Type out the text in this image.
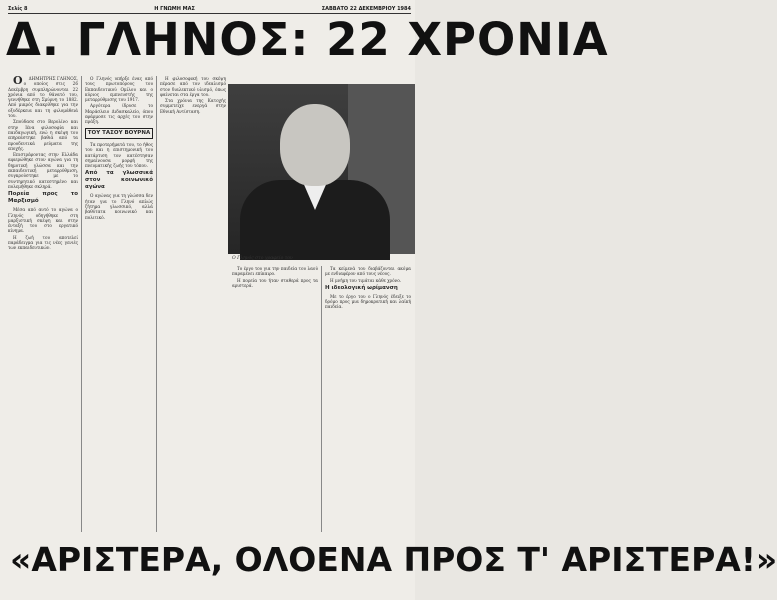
Σελίς 8	Η ΓΝΩΜΗ ΜΑΣ	ΣΑΒΒΑΤΟ 22 ΔΕΚΕΜΒΡΙΟΥ 1984
Δ. ΓΛΗΝΟΣ: 22 ΧΡΟΝΙΑ

ΟΔΗΜΗΤΡΗΣ ΓΛΗΝΟΣ, ο οποίος στις 26 Δεκέμβρη συμπληρώνονται 22 χρόνια από το θάνατό του, γεννήθηκε στη Σμύρνη το 1882. Από μικρός διακρίθηκε για την οξυδέρκεια και τη φιλομάθειά του.

Σπούδασε στο Βερολίνο και στην Ιένα φιλοσοφία και παιδαγωγική, ενώ η σκέψη του επηρεάστηκε βαθιά από τα προοδευτικά ρεύματα της εποχής.

Επιστρέφοντας στην Ελλάδα αφιερώθηκε στον αγώνα για τη δημοτική γλώσσα και την εκπαιδευτική μεταρρύθμιση, συγκρούστηκε με το συντηρητικό κατεστημένο και πολεμήθηκε σκληρά.

Πορεία προς το Μαρξισμό

Μέσα από αυτό το αγώνα ο Γληνός οδηγήθηκε στη μαρξιστική σκέψη και στην ένταξή του στο εργατικό κίνημα.

Η ζωή του αποτελεί παράδειγμα για τις νέες γενιές των εκπαιδευτικών.

Ο Γληνός υπήρξε ένας από τους πρωτοπόρους του Εκπαιδευτικού Ομίλου και ο κύριος εμπνευστής της μεταρρύθμισης του 1917.

Αργότερα ίδρυσε το Μαράσλειο Διδασκαλείο, όπου εφάρμοσε τις αρχές του στην πράξη.

ΤΟΥ ΤΑΣΟΥ ΒΟΥΡΝΑ

Τα προτερήματά του, το ήθος του και η επιστημονική του κατάρτιση τον κατέστησαν σημαίνουσα μορφή της πνευματικής ζωής του τόπου.

Από τα γλωσσικά στον κοινωνικό αγώνα

Ο αγώνας για τη γλώσσα δεν ήταν για το Γληνό απλώς ζήτημα γλωσσικό, αλλά βαθύτατα κοινωνικό και πολιτικό.

Η φιλοσοφική του σκέψη πέρασε από τον ιδεαλισμό στον διαλεκτικό υλισμό, όπως φαίνεται στα έργα του.

Στα χρόνια της Κατοχής συμμετείχε ενεργά στην Εθνική Αντίσταση.

Ο Γληνός στο γραφείο του

Το έργο του για την παιδεία του λαού παραμένει επίκαιρο.

Η πορεία του ήταν σταθερά προς τα αριστερά.

Τα κείμενά του διαβάζονται ακόμα με ενδιαφέρον από τους νέους.

Η μνήμη του τιμάται κάθε χρόνο.

Η ιδεολογική ωρίμανση

Με το έργο του ο Γληνός έδειξε το δρόμο προς μια δημοκρατική και λαϊκή παιδεία.

«ΑΡΙΣΤΕΡΑ, ΟΛΟΕΝΑ ΠΡΟΣ Τ' ΑΡΙΣΤΕΡΑ!»
